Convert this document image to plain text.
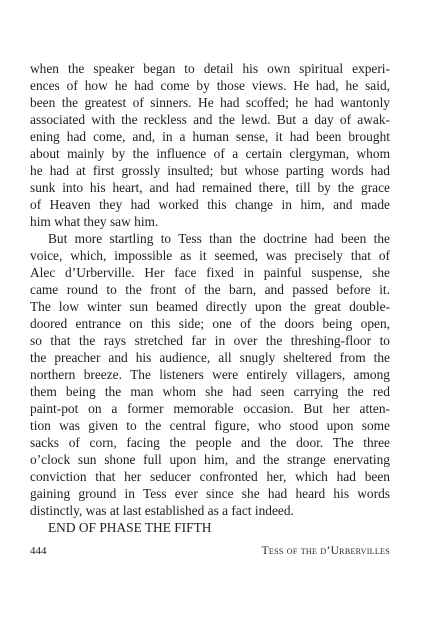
when the speaker began to detail his own spiritual experi-
ences of how he had come by those views. He had, he said,
been the greatest of sinners. He had scoffed; he had wantonly
associated with the reckless and the lewd. But a day of awak-
ening had come, and, in a human sense, it had been brought
about mainly by the influence of a certain clergyman, whom
he had at first grossly insulted; but whose parting words had
sunk into his heart, and had remained there, till by the grace
of Heaven they had worked this change in him, and made
him what they saw him.
But more startling to Tess than the doctrine had been the
voice, which, impossible as it seemed, was precisely that of
Alec d’Urberville. Her face fixed in painful suspense, she
came round to the front of the barn, and passed before it.
The low winter sun beamed directly upon the great double-
doored entrance on this side; one of the doors being open,
so that the rays stretched far in over the threshing-floor to
the preacher and his audience, all snugly sheltered from the
northern breeze. The listeners were entirely villagers, among
them being the man whom she had seen carrying the red
paint-pot on a former memorable occasion. But her atten-
tion was given to the central figure, who stood upon some
sacks of corn, facing the people and the door. The three
o’clock sun shone full upon him, and the strange enervating
conviction that her seducer confronted her, which had been
gaining ground in Tess ever since she had heard his words
distinctly, was at last established as a fact indeed.
END OF PHASE THE FIFTH
444	Tess of the d’Urbervilles
